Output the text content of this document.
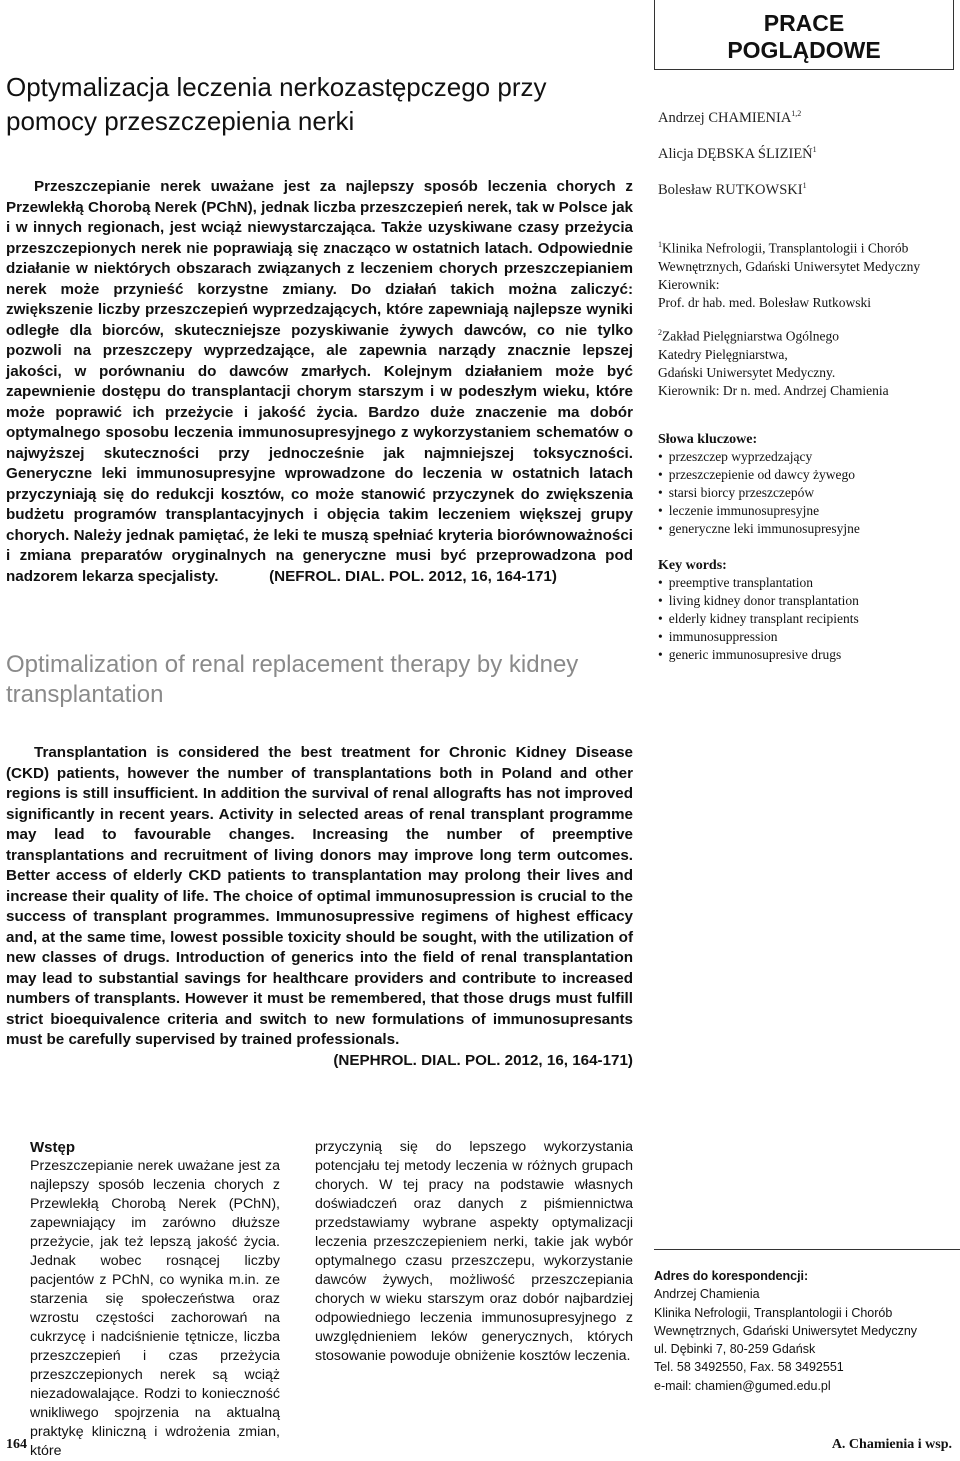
PRACE
POGLĄDOWE
Optymalizacja leczenia nerkozastępczego przy pomocy przeszczepienia nerki

Przeszczepianie nerek uważane jest za najlepszy sposób leczenia chorych z Przewlekłą Chorobą Nerek (PChN), jednak liczba przeszczepień nerek, tak w Polsce jak i w innych regionach, jest wciąż niewystarczająca. Także uzyskiwane czasy przeżycia przeszczepionych nerek nie poprawiają się znacząco w ostatnich latach. Odpowiednie działanie w niektórych obszarach związanych z leczeniem chorych przeszczepianiem nerek może przynieść korzystne zmiany. Do działań takich można zaliczyć: zwiększenie liczby przeszczepień wyprzedzających, które zapewniają najlepsze wyniki odległe dla biorców, skuteczniejsze pozyskiwanie żywych dawców, co nie tylko pozwoli na przeszczepy wyprzedzające, ale zapewnia narządy znacznie lepszej jakości, w porównaniu do dawców zmarłych. Kolejnym działaniem może być zapewnienie dostępu do transplantacji chorym starszym i w podeszłym wieku, które może poprawić ich przeżycie i jakość życia. Bardzo duże znaczenie ma dobór optymalnego sposobu leczenia immunosupresyjnego z wykorzystaniem schematów o najwyższej skuteczności przy jednocześnie jak najmniejszej toksyczności. Generyczne leki immunosupresyjne wprowadzone do leczenia w ostatnich latach przyczyniają się do redukcji kosztów, co może stanowić przyczynek do zwiększenia budżetu programów transplantacyjnych i objęcia takim leczeniem większej grupy chorych. Należy jednak pamiętać, że leki te muszą spełniać kryteria biorównoważności i zmiana preparatów oryginalnych na generyczne musi być przeprowadzona pod nadzorem lekarza specjalisty.	(NEFROL. DIAL. POL. 2012, 16, 164-171)

Optimalization of renal replacement therapy by kidney transplantation

Transplantation is considered the best treatment for Chronic Kidney Disease (CKD) patients, however the number of transplantations both in Poland and other regions is still insufficient. In addition the survival of renal allografts has not improved significantly in recent years. Activity in selected areas of renal transplant programme may lead to favourable changes. Increasing the number of preemptive transplantations and recruitment of living donors may improve long term outcomes. Better access of elderly CKD patients to transplantation may prolong their lives and increase their quality of life. The choice of optimal immunosupression is crucial to the success of transplant programmes. Immunosupressive regimens of highest efficacy and, at the same time, lowest possible toxicity should be sought, with the utilization of new classes of drugs. Introduction of generics into the field of renal transplantation may lead to substantial savings for healthcare providers and contribute to increased numbers of transplants. However it must be remembered, that those drugs must fulfill strict bioequivalence criteria and switch to new formulations of immunosupresants must be carefully supervised by trained professionals.

(NEPHROL. DIAL. POL. 2012, 16, 164-171)
Andrzej CHAMIENIA$^{1,2}$
Alicja DĘBSKA ŚLIZIEŃ$^1$
Bolesław RUTKOWSKI$^1$
$^1$Klinika Nefrologii, Transplantologii i Chorób Wewnętrznych, Gdański Uniwersytet Medyczny
Kierownik:
Prof. dr hab. med. Bolesław Rutkowski
$^2$Zakład Pielęgniarstwa Ogólnego
Katedry Pielęgniarstwa,
Gdański Uniwersytet Medyczny.
Kierownik: Dr n. med. Andrzej Chamienia
Słowa kluczowe:
• przeszczep wyprzedzający
• przeszczepienie od dawcy żywego
• starsi biorcy przeszczepów
• leczenie immunosupresyjne
• generyczne leki immunosupresyjne
Key words:
• preemptive transplantation
• living kidney donor transplantation
• elderly kidney transplant recipients
• immunosuppression
• generic immunosupresive drugs
Wstęp
Przeszczepianie nerek uważane jest za najlepszy sposób leczenia chorych z Przewlekłą Chorobą Nerek (PChN), zapewniający im zarówno dłuższe przeżycie, jak też lepszą jakość życia. Jednak wobec rosnącej liczby pacjentów z PChN, co wynika m.in. ze starzenia się społeczeństwa oraz wzrostu częstości zachorowań na cukrzycę i nadciśnienie tętnicze, liczba przeszczepień i czas przeżycia przeszczepionych nerek są wciąż niezadowalające. Rodzi to konieczność wnikliwego spojrzenia na aktualną praktykę kliniczną i wdrożenia zmian, które
przyczynią się do lepszego wykorzystania potencjału tej metody leczenia w różnych grupach chorych. W tej pracy na podstawie własnych doświadczeń oraz danych z piśmiennictwa przedstawiamy wybrane aspekty optymalizacji leczenia przeszczepieniem nerki, takie jak wybór optymalnego czasu przeszczepu, wykorzystanie dawców żywych, możliwość przeszczepiania chorych w wieku starszym oraz dobór najbardziej odpowiedniego leczenia immunosupresyjnego z uwzględnieniem leków generycznych, których stosowanie powoduje obniżenie kosztów leczenia.
Adres do korespondencji:
Andrzej Chamienia
Klinika Nefrologii, Transplantologii i Chorób Wewnętrznych, Gdański Uniwersytet Medyczny
ul. Dębinki 7, 80-259 Gdańsk
Tel. 58 3492550, Fax. 58 3492551
e-mail: chamien@gumed.edu.pl
164	A. Chamienia i wsp.
